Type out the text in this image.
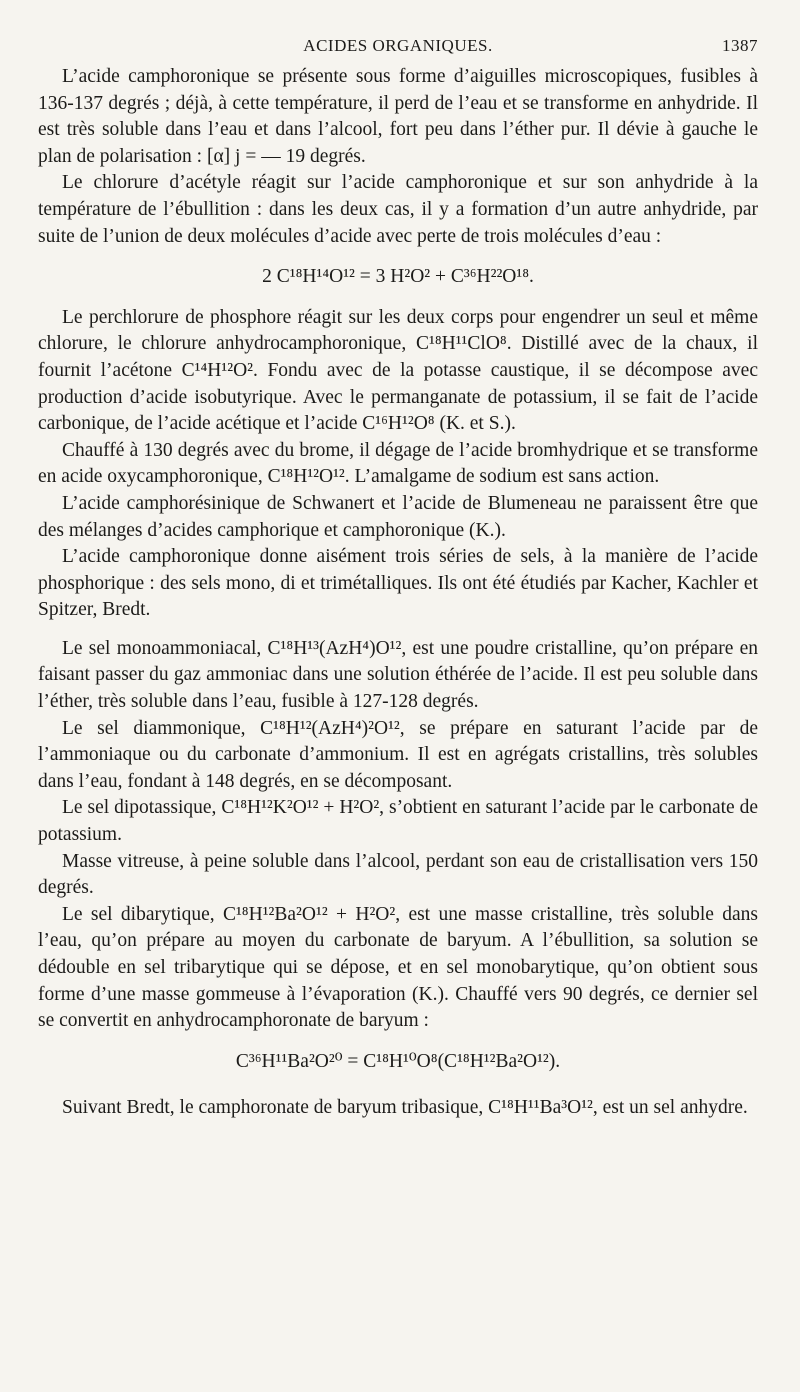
ACIDES ORGANIQUES.	1387

L’acide camphoronique se présente sous forme d’aiguilles microscopiques, fusibles à 136-137 degrés ; déjà, à cette température, il perd de l’eau et se transforme en anhydride. Il est très soluble dans l’eau et dans l’alcool, fort peu dans l’éther pur. Il dévie à gauche le plan de polarisation : [α] j = — 19 degrés.

Le chlorure d’acétyle réagit sur l’acide camphoronique et sur son anhydride à la température de l’ébullition : dans les deux cas, il y a formation d’un autre anhydride, par suite de l’union de deux molécules d’acide avec perte de trois molécules d’eau :

2 C¹⁸H¹⁴O¹² = 3 H²O² + C³⁶H²²O¹⁸.

Le perchlorure de phosphore réagit sur les deux corps pour engendrer un seul et même chlorure, le chlorure anhydrocamphoronique, C¹⁸H¹¹ClO⁸. Distillé avec de la chaux, il fournit l’acétone C¹⁴H¹²O². Fondu avec de la potasse caustique, il se décompose avec production d’acide isobutyrique. Avec le permanganate de potassium, il se fait de l’acide carbonique, de l’acide acétique et l’acide C¹⁶H¹²O⁸ (K. et S.).

Chauffé à 130 degrés avec du brome, il dégage de l’acide bromhydrique et se transforme en acide oxycamphoronique, C¹⁸H¹²O¹². L’amalgame de sodium est sans action.

L’acide camphorésinique de Schwanert et l’acide de Blumeneau ne paraissent être que des mélanges d’acides camphorique et camphoronique (K.).

L’acide camphoronique donne aisément trois séries de sels, à la manière de l’acide phosphorique : des sels mono, di et trimétalliques. Ils ont été étudiés par Kacher, Kachler et Spitzer, Bredt.

Le sel monoammoniacal, C¹⁸H¹³(AzH⁴)O¹², est une poudre cristalline, qu’on prépare en faisant passer du gaz ammoniac dans une solution éthérée de l’acide. Il est peu soluble dans l’éther, très soluble dans l’eau, fusible à 127-128 degrés.

Le sel diammonique, C¹⁸H¹²(AzH⁴)²O¹², se prépare en saturant l’acide par de l’ammoniaque ou du carbonate d’ammonium. Il est en agrégats cristallins, très solubles dans l’eau, fondant à 148 degrés, en se décomposant.

Le sel dipotassique, C¹⁸H¹²K²O¹² + H²O², s’obtient en saturant l’acide par le carbonate de potassium.

Masse vitreuse, à peine soluble dans l’alcool, perdant son eau de cristallisation vers 150 degrés.

Le sel dibarytique, C¹⁸H¹²Ba²O¹² + H²O², est une masse cristalline, très soluble dans l’eau, qu’on prépare au moyen du carbonate de baryum. A l’ébullition, sa solution se dédouble en sel tribarytique qui se dépose, et en sel monobarytique, qu’on obtient sous forme d’une masse gommeuse à l’évaporation (K.). Chauffé vers 90 degrés, ce dernier sel se convertit en anhydrocamphoronate de baryum :

C³⁶H¹¹Ba²O²⁰ = C¹⁸H¹⁰O⁸(C¹⁸H¹²Ba²O¹²).

Suivant Bredt, le camphoronate de baryum tribasique, C¹⁸H¹¹Ba³O¹², est un sel anhydre.
